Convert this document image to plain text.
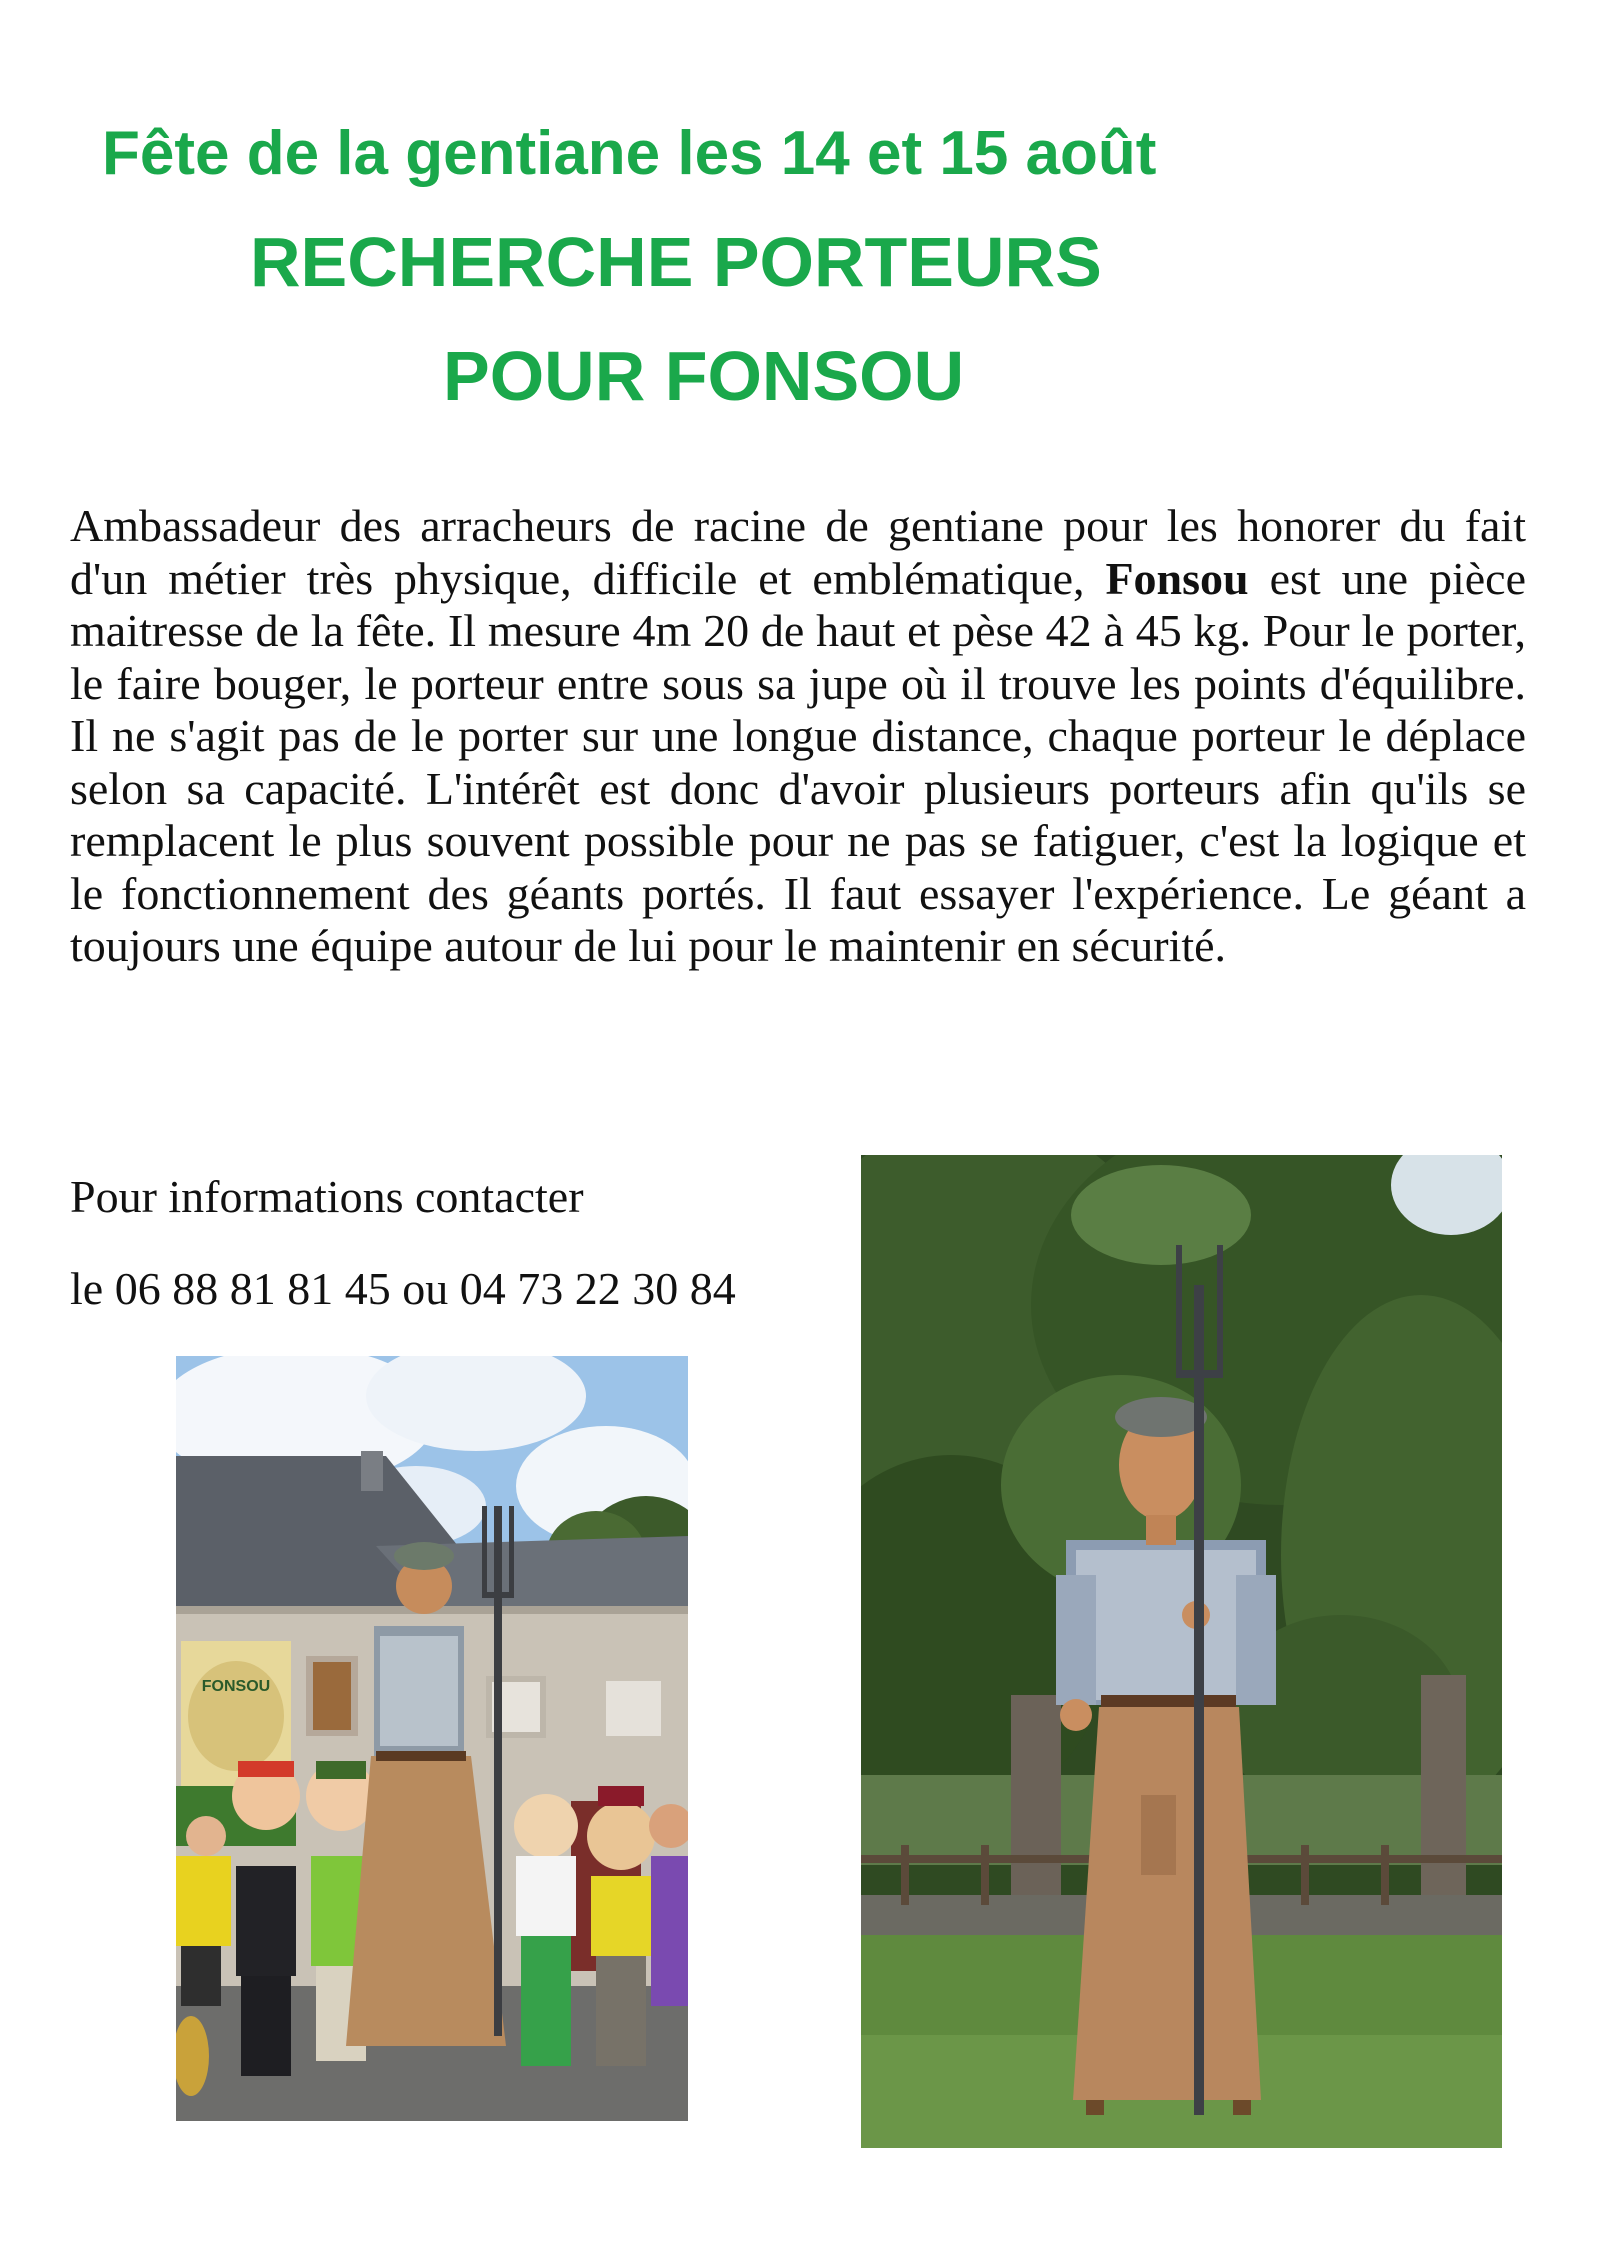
Fête de la gentiane les 14 et 15 août
RECHERCHE PORTEURS
POUR FONSOU
Ambassadeur des arracheurs de racine de gentiane pour les honorer du fait d'un métier très physique, difficile et emblématique, Fonsou est une pièce maitresse de la fête. Il mesure 4m 20 de haut et pèse 42 à 45 kg. Pour le porter, le faire bouger, le porteur entre sous sa jupe où il trouve les points d'équilibre. Il ne s'agit pas de le porter sur une longue distance, chaque porteur le déplace selon sa capacité. L'intérêt est donc d'avoir plusieurs porteurs afin qu'ils se remplacent le plus souvent possible pour ne pas se fatiguer, c'est la logique et le fonctionnement des géants portés. Il faut essayer l'expérience. Le géant a toujours une équipe autour de lui pour le maintenir en sécurité.
Pour informations contacter
le 06 88 81 81 45 ou 04 73 22 30 84
FONSOU
